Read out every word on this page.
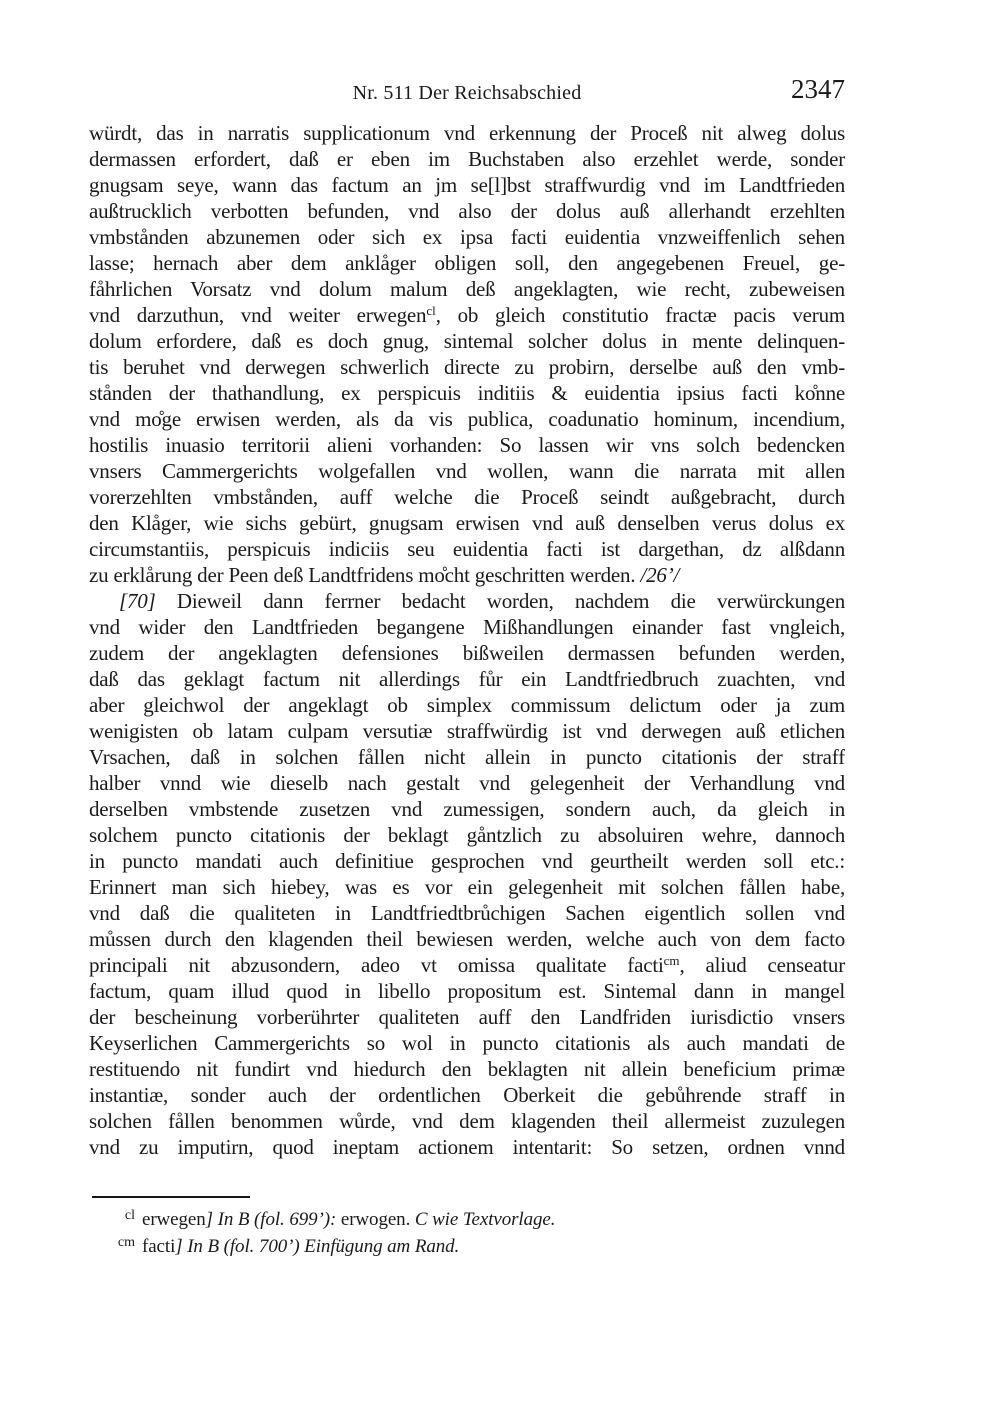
Nr. 511 Der Reichsabschied	2347
würdt, das in narratis supplicationum vnd erkennung der Proceß nit alweg dolus
dermassen erfordert, daß er eben im Buchstaben also erzehlet werde, sonder
gnugsam seye, wann das factum an jm se[l]bst straffwurdig vnd im Landtfrieden
außtrucklich verbotten befunden, vnd also der dolus auß allerhandt erzehlten
vmbstånden abzunemen oder sich ex ipsa facti euidentia vnzweiffenlich sehen
lasse; hernach aber dem anklåger obligen soll, den angegebenen Freuel, ge-
fåhrlichen Vorsatz vnd dolum malum deß angeklagten, wie recht, zubeweisen
vnd darzuthun, vnd weiter erwegen$^{cl}$, ob gleich constitutio fractæ pacis verum
dolum erfordere, daß es doch gnug, sintemal solcher dolus in mente delinquen-
tis beruhet vnd derwegen schwerlich directe zu probirn, derselbe auß den vmb-
stånden der thathandlung, ex perspicuis inditiis & euidentia ipsius facti ko̊nne
vnd mo̊ge erwisen werden, als da vis publica, coadunatio hominum, incendium,
hostilis inuasio territorii alieni vorhanden: So lassen wir vns solch bedencken
vnsers Cammergerichts wolgefallen vnd wollen, wann die narrata mit allen
vorerzehlten vmbstånden, auff welche die Proceß seindt außgebracht, durch
den Klåger, wie sichs gebürt, gnugsam erwisen vnd auß denselben verus dolus ex
circumstantiis, perspicuis indiciis seu euidentia facti ist dargethan, dz alßdann
zu erklårung der Peen deß Landtfridens mo̊cht geschritten werden. /26’/
[70] Dieweil dann ferrner bedacht worden, nachdem die verwürckungen
vnd wider den Landtfrieden begangene Mißhandlungen einander fast vngleich,
zudem der angeklagten defensiones bißweilen dermassen befunden werden,
daß das geklagt factum nit allerdings fůr ein Landtfriedbruch zuachten, vnd
aber gleichwol der angeklagt ob simplex commissum delictum oder ja zum
wenigisten ob latam culpam versutiæ straffwürdig ist vnd derwegen auß etlichen
Vrsachen, daß in solchen fållen nicht allein in puncto citationis der straff
halber vnnd wie dieselb nach gestalt vnd gelegenheit der Verhandlung vnd
derselben vmbstende zusetzen vnd zumessigen, sondern auch, da gleich in
solchem puncto citationis der beklagt gåntzlich zu absoluiren wehre, dannoch
in puncto mandati auch definitiue gesprochen vnd geurtheilt werden soll etc.:
Erinnert man sich hiebey, was es vor ein gelegenheit mit solchen fållen habe,
vnd daß die qualiteten in Landtfriedtbrůchigen Sachen eigentlich sollen vnd
můssen durch den klagenden theil bewiesen werden, welche auch von dem facto
principali nit abzusondern, adeo vt omissa qualitate facti$^{cm}$, aliud censeatur
factum, quam illud quod in libello propositum est. Sintemal dann in mangel
der bescheinung vorberührter qualiteten auff den Landfriden iurisdictio vnsers
Keyserlichen Cammergerichts so wol in puncto citationis als auch mandati de
restituendo nit fundirt vnd hiedurch den beklagten nit allein beneficium primæ
instantiæ, sonder auch der ordentlichen Oberkeit die gebůhrende straff in
solchen fållen benommen wůrde, vnd dem klagenden theil allermeist zuzulegen
vnd zu imputirn, quod ineptam actionem intentarit: So setzen, ordnen vnnd
cl erwegen] In B (fol. 699’): erwogen. C wie Textvorlage.
cm facti] In B (fol. 700’) Einfügung am Rand.
